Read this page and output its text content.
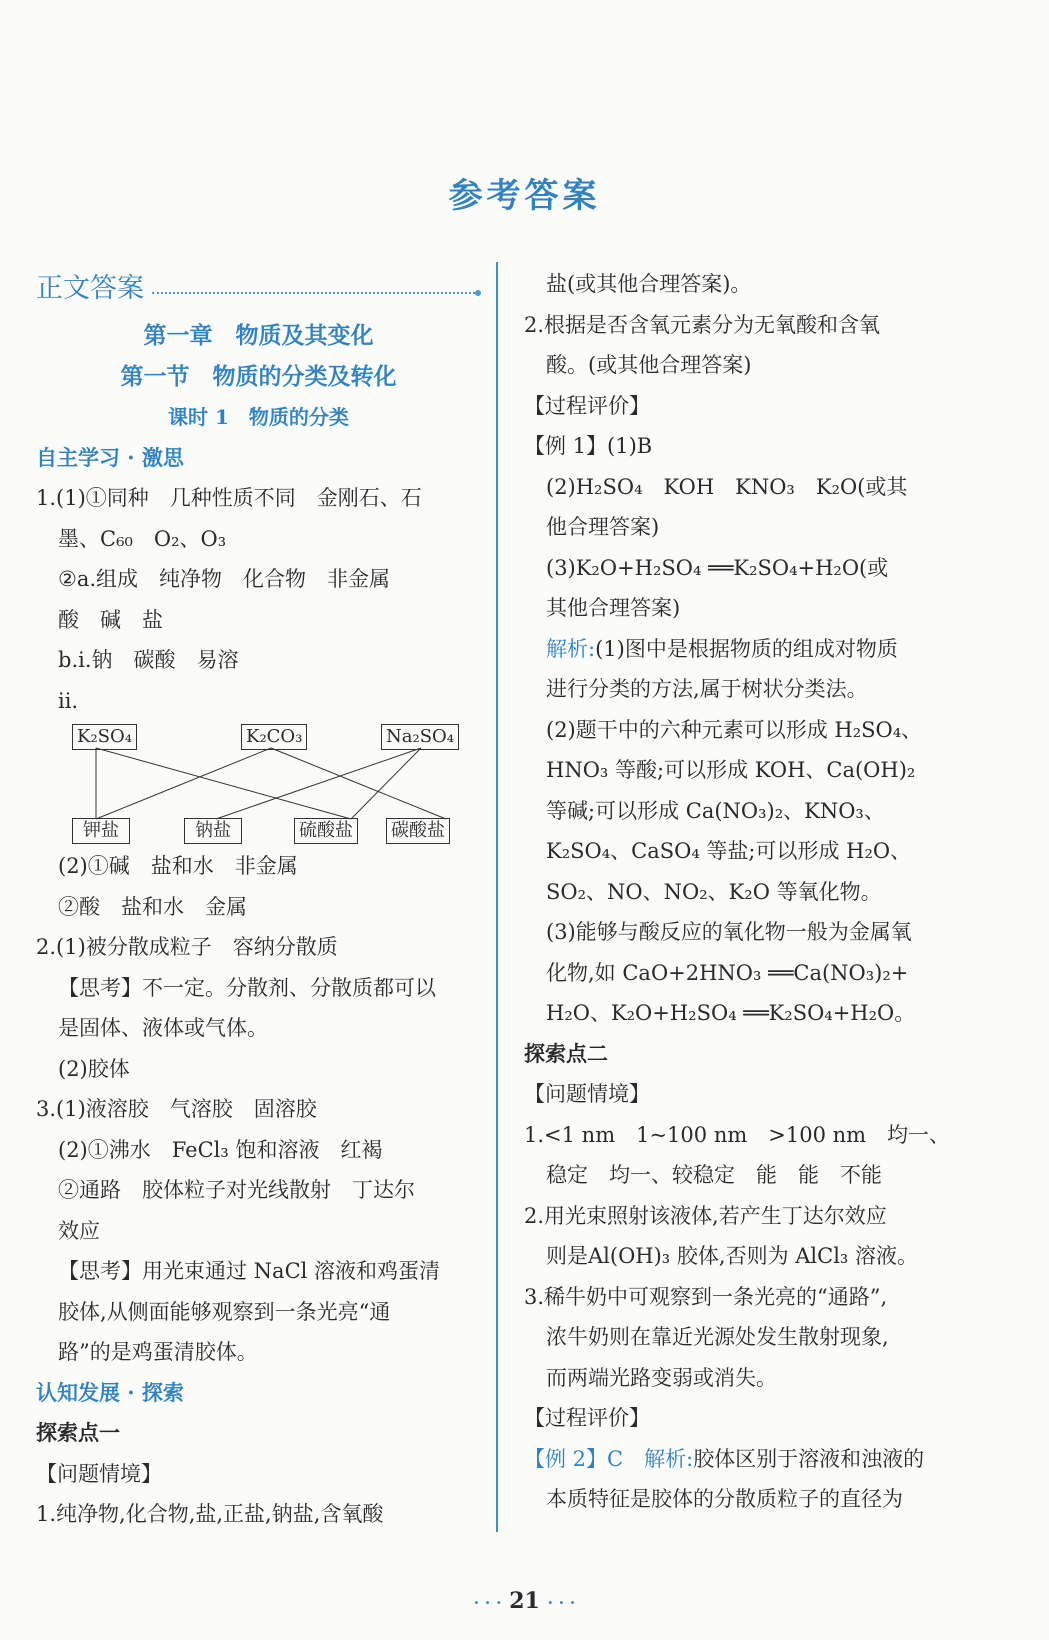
参考答案
正文答案
第一章　物质及其变化
第一节　物质的分类及转化
课时 1　物质的分类
自主学习 · 激思
1.(1)①同种　几种性质不同　金刚石、石
墨、C₆₀　O₂、O₃
②a.组成　纯净物　化合物　非金属
酸　碱　盐
b.i.钠　碳酸　易溶
ii.
K₂SO₄	K₂CO₃	Na₂SO₄
钾盐	钠盐	硫酸盐 碳酸盐
(2)①碱　盐和水　非金属
②酸　盐和水　金属
2.(1)被分散成粒子　容纳分散质
【思考】不一定。分散剂、分散质都可以
是固体、液体或气体。
(2)胶体
3.(1)液溶胶　气溶胶　固溶胶
(2)①沸水　FeCl₃ 饱和溶液　红褐
②通路　胶体粒子对光线散射　丁达尔
效应
【思考】用光束通过 NaCl 溶液和鸡蛋清
胶体,从侧面能够观察到一条光亮“通
路”的是鸡蛋清胶体。
认知发展 · 探索
探索点一
【问题情境】
1.纯净物,化合物,盐,正盐,钠盐,含氧酸
盐(或其他合理答案)。
2.根据是否含氧元素分为无氧酸和含氧
酸。(或其他合理答案)
【过程评价】
【例 1】(1)B
(2)H₂SO₄　KOH　KNO₃　K₂O(或其
他合理答案)
(3)K₂O+H₂SO₄ ══K₂SO₄+H₂O(或
其他合理答案)
解析:(1)图中是根据物质的组成对物质
进行分类的方法,属于树状分类法。
(2)题干中的六种元素可以形成 H₂SO₄、
HNO₃ 等酸;可以形成 KOH、Ca(OH)₂
等碱;可以形成 Ca(NO₃)₂、KNO₃、
K₂SO₄、CaSO₄ 等盐;可以形成 H₂O、
SO₂、NO、NO₂、K₂O 等氧化物。
(3)能够与酸反应的氧化物一般为金属氧
化物,如 CaO+2HNO₃ ══Ca(NO₃)₂+
H₂O、K₂O+H₂SO₄ ══K₂SO₄+H₂O。
探索点二
【问题情境】
1.<1 nm　1~100 nm　>100 nm　均一、
稳定　均一、较稳定　能　能　不能
2.用光束照射该液体,若产生丁达尔效应
则是Al(OH)₃ 胶体,否则为 AlCl₃ 溶液。
3.稀牛奶中可观察到一条光亮的“通路”,
浓牛奶则在靠近光源处发生散射现象,
而两端光路变弱或消失。
【过程评价】
【例 2】C　解析:胶体区别于溶液和浊液的
本质特征是胶体的分散质粒子的直径为
· · · 21 · · ·
